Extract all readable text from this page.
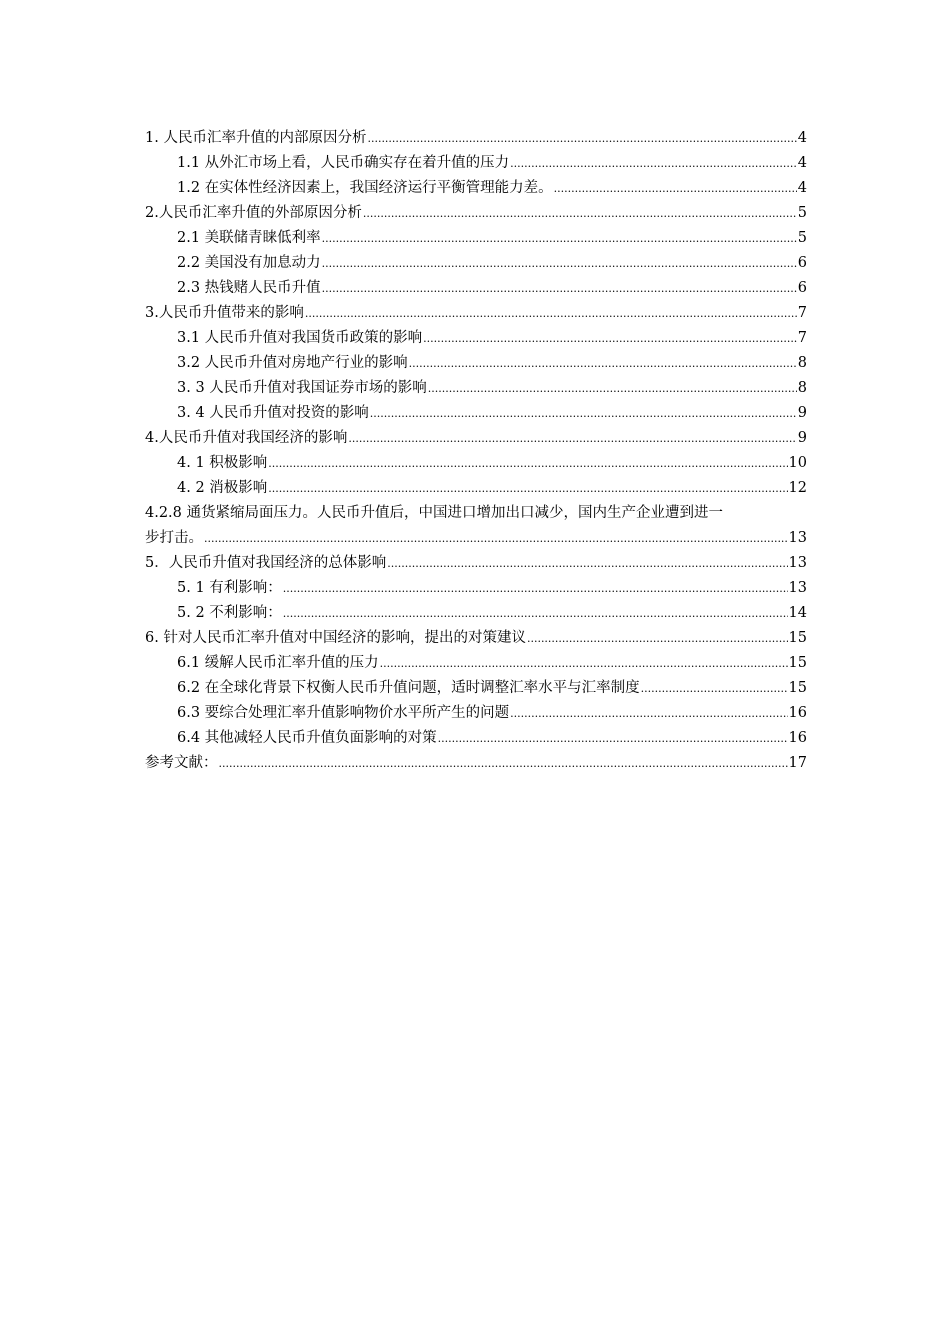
1. 人民币汇率升值的内部原因分析 .....	4
1.1 从外汇市场上看，人民币确实存在着升值的压力 .....	4
1.2 在实体性经济因素上，我国经济运行平衡管理能力差。 .....	4
2.人民币汇率升值的外部原因分析 .....	5
2.1 美联储青睐低利率 .....	5
2.2 美国没有加息动力 .....	6
2.3 热钱赌人民币升值 .....	6
3.人民币升值带来的影响 .....	7
3.1 人民币升值对我国货币政策的影响 .....	7
3.2 人民币升值对房地产行业的影响 .....	8
3. 3 人民币升值对我国证券市场的影响 .....	8
3. 4 人民币升值对投资的影响 .....	9
4.人民币升值对我国经济的影响 .....	9
4. 1 积极影响 .....	10
4. 2 消极影响 .....	12
4.2.8 通货紧缩局面压力。人民币升值后，中国进口增加出口减少，国内生产企业遭到进一
步打击。 .....	13
5．人民币升值对我国经济的总体影响 .....	13
5. 1 有利影响： .....	13
5. 2 不利影响： .....	14
6. 针对人民币汇率升值对中国经济的影响，提出的对策建议 .....	15
6.1 缓解人民币汇率升值的压力 .....	15
6.2 在全球化背景下权衡人民币升值问题，适时调整汇率水平与汇率制度 .....	15
6.3 要综合处理汇率升值影响物价水平所产生的问题 .....	16
6.4 其他减轻人民币升值负面影响的对策 .....	16
参考文献： .....	17
